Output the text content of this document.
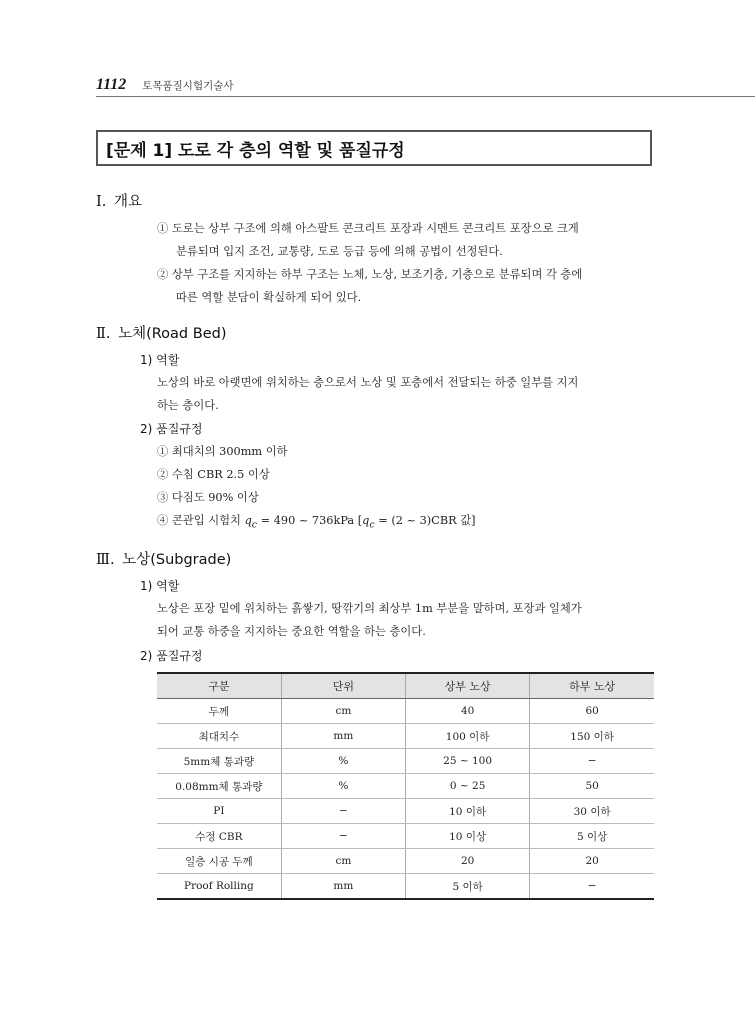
1112 토목품질시험기술사
[문제 1] 도로 각 층의 역할 및 품질규정
Ⅰ. 개요
① 도로는 상부 구조에 의해 아스팔트 콘크리트 포장과 시멘트 콘크리트 포장으로 크게
분류되며 입지 조건, 교통량, 도로 등급 등에 의해 공법이 선정된다.
② 상부 구조를 지지하는 하부 구조는 노체, 노상, 보조기층, 기층으로 분류되며 각 층에
따른 역할 분담이 확실하게 되어 있다.
Ⅱ. 노체(Road Bed)
1) 역할
노상의 바로 아랫면에 위치하는 층으로서 노상 및 포층에서 전달되는 하중 일부를 지지
하는 층이다.
2) 품질규정
① 최대치의 300mm 이하
② 수침 CBR 2.5 이상
③ 다짐도 90% 이상
④ 콘관입 시험치 $q_c = 490$ ~ 736kPa [$q_c = (2$ ~ 3)CBR 값]
Ⅲ. 노상(Subgrade)
1) 역할
노상은 포장 밑에 위치하는 흙쌓기, 땅깎기의 최상부 1m 부분을 말하며, 포장과 일체가
되어 교통 하중을 지지하는 중요한 역할을 하는 층이다.
2) 품질규정
구분	단위	상부 노상	하부 노상
두께	cm	40	60
최대치수	mm	100 이하	150 이하
5mm체 통과량	%	25 ~ 100	−
0.08mm체 통과량	%	0 ~ 25	50
PI	−	10 이하	30 이하
수정 CBR	−	10 이상	5 이상
일층 시공 두께	cm	20	20
Proof Rolling	mm	5 이하	−
